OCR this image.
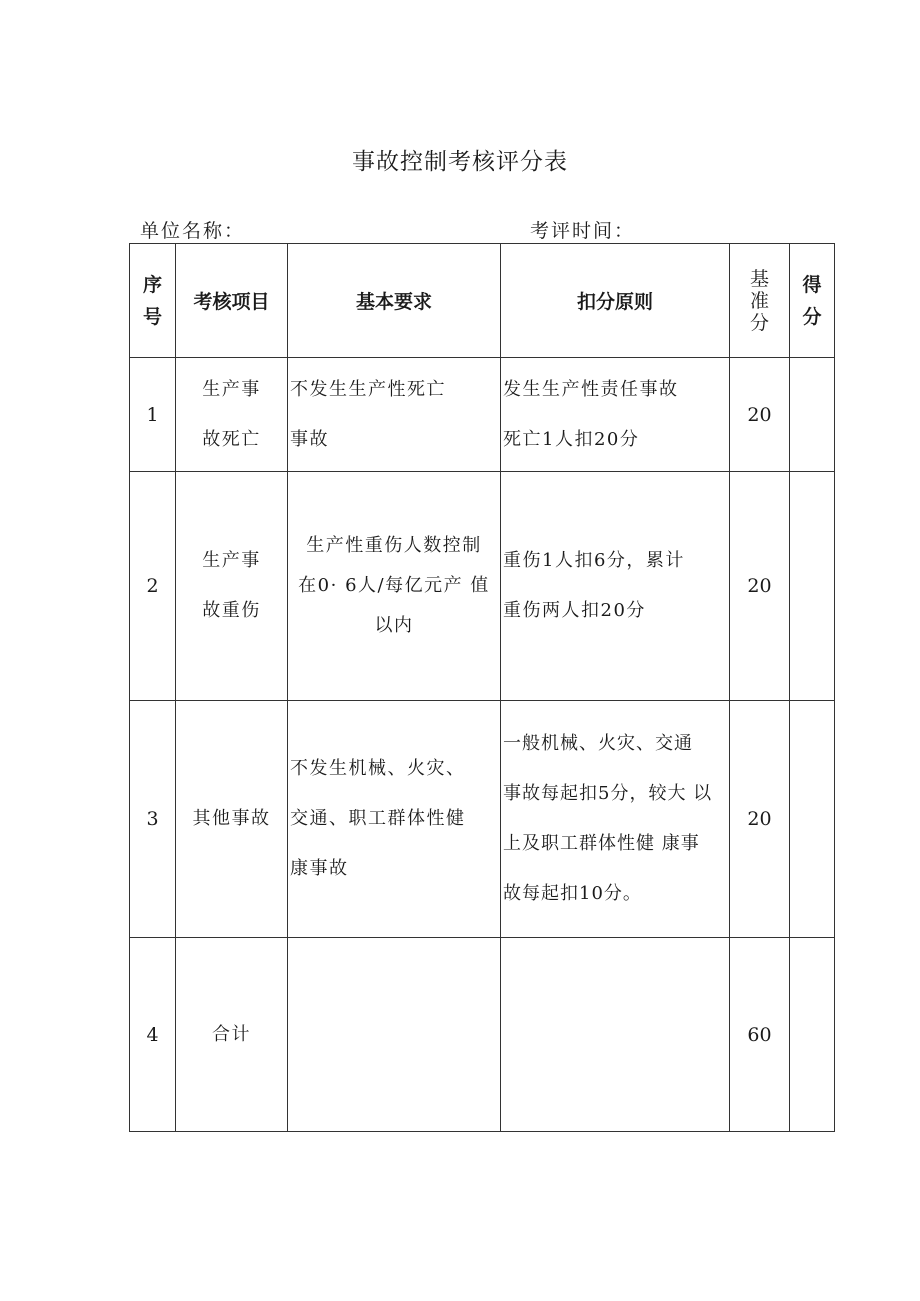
事故控制考核评分表
单位名称：	考评时间：
序
号	考核项目	基本要求	扣分原则	基
准
分	得
分

1	生产事
故死亡	不发生生产性死亡
事故	发生生产性责任事故
死亡1人扣20分	20	
2	生产事
故重伤	生产性重伤人数控制
在0· 6人/每亿元产 值
以内	重伤1人扣6分，累计
重伤两人扣20分	20	
3	其他事故	不发生机械、火灾、
交通、职工群体性健
康事故	一般机械、火灾、交通
事故每起扣5分，较大 以
上及职工群体性健 康事
故每起扣10分。	20	
4	合计			60	
